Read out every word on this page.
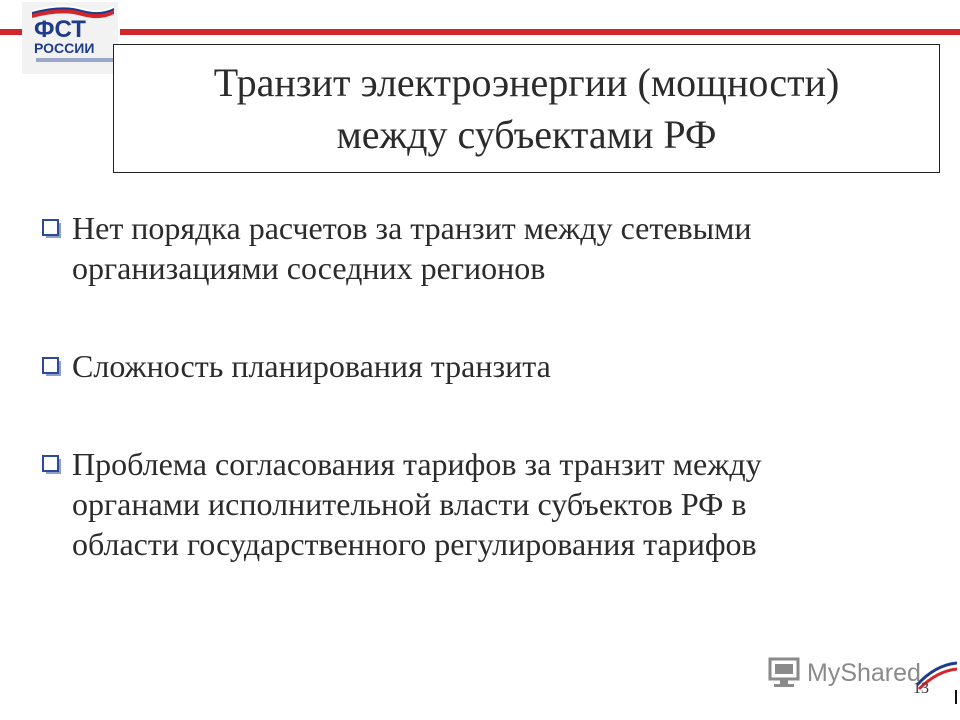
ФСТ
РОССИИ
Транзит электроэнергии (мощности)
между субъектами РФ
Нет порядка расчетов за транзит между сетевыми
организациями соседних регионов
Сложность планирования транзита
Проблема согласования тарифов за транзит между
органами исполнительной власти субъектов РФ в
области государственного регулирования тарифов
MyShared
13
